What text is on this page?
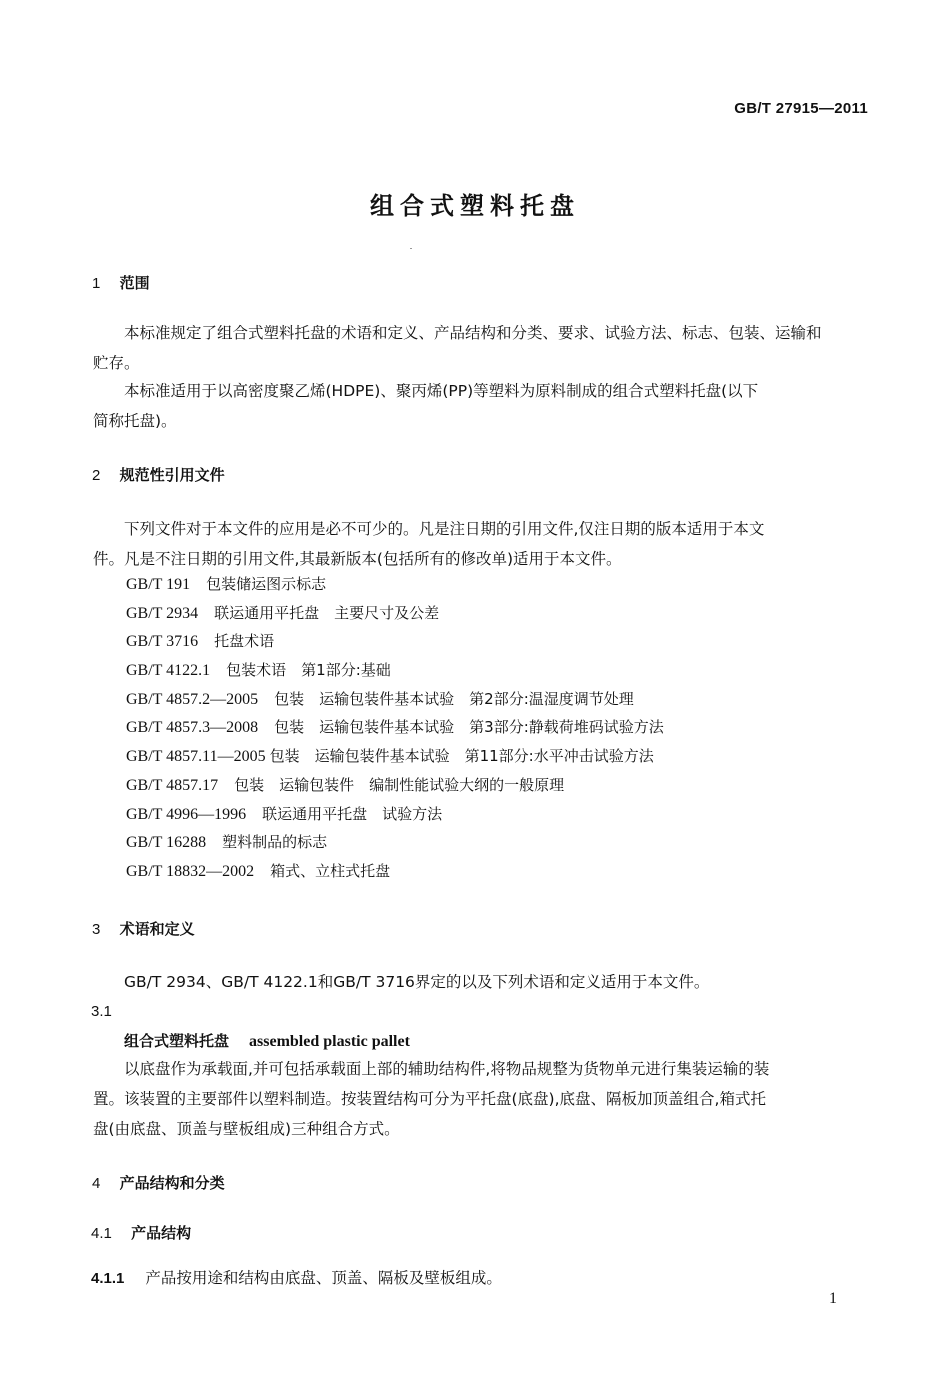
GB/T 27915—2011
组合式塑料托盘
1 范围
本标准规定了组合式塑料托盘的术语和定义、产品结构和分类、要求、试验方法、标志、包装、运输和
贮存。
本标准适用于以高密度聚乙烯(HDPE)、聚丙烯(PP)等塑料为原料制成的组合式塑料托盘(以下
简称托盘)。
2 规范性引用文件
下列文件对于本文件的应用是必不可少的。凡是注日期的引用文件,仅注日期的版本适用于本文
件。凡是不注日期的引用文件,其最新版本(包括所有的修改单)适用于本文件。
GB/T 191 包装储运图示标志
GB/T 2934 联运通用平托盘　主要尺寸及公差
GB/T 3716 托盘术语
GB/T 4122.1 包装术语　第1部分:基础
GB/T 4857.2—2005 包装　运输包装件基本试验　第2部分:温湿度调节处理
GB/T 4857.3—2008 包装　运输包装件基本试验　第3部分:静载荷堆码试验方法
GB/T 4857.11—2005 包装　运输包装件基本试验　第11部分:水平冲击试验方法
GB/T 4857.17 包装　运输包装件　编制性能试验大纲的一般原理
GB/T 4996—1996 联运通用平托盘　试验方法
GB/T 16288 塑料制品的标志
GB/T 18832—2002 箱式、立柱式托盘
3 术语和定义
GB/T 2934、GB/T 4122.1和GB/T 3716界定的以及下列术语和定义适用于本文件。
3.1
组合式塑料托盘 assembled plastic pallet
以底盘作为承载面,并可包括承载面上部的辅助结构件,将物品规整为货物单元进行集装运输的装
置。该装置的主要部件以塑料制造。按装置结构可分为平托盘(底盘),底盘、隔板加顶盖组合,箱式托
盘(由底盘、顶盖与壁板组成)三种组合方式。
4 产品结构和分类
4.1 产品结构
4.1.1 产品按用途和结构由底盘、顶盖、隔板及壁板组成。
1
